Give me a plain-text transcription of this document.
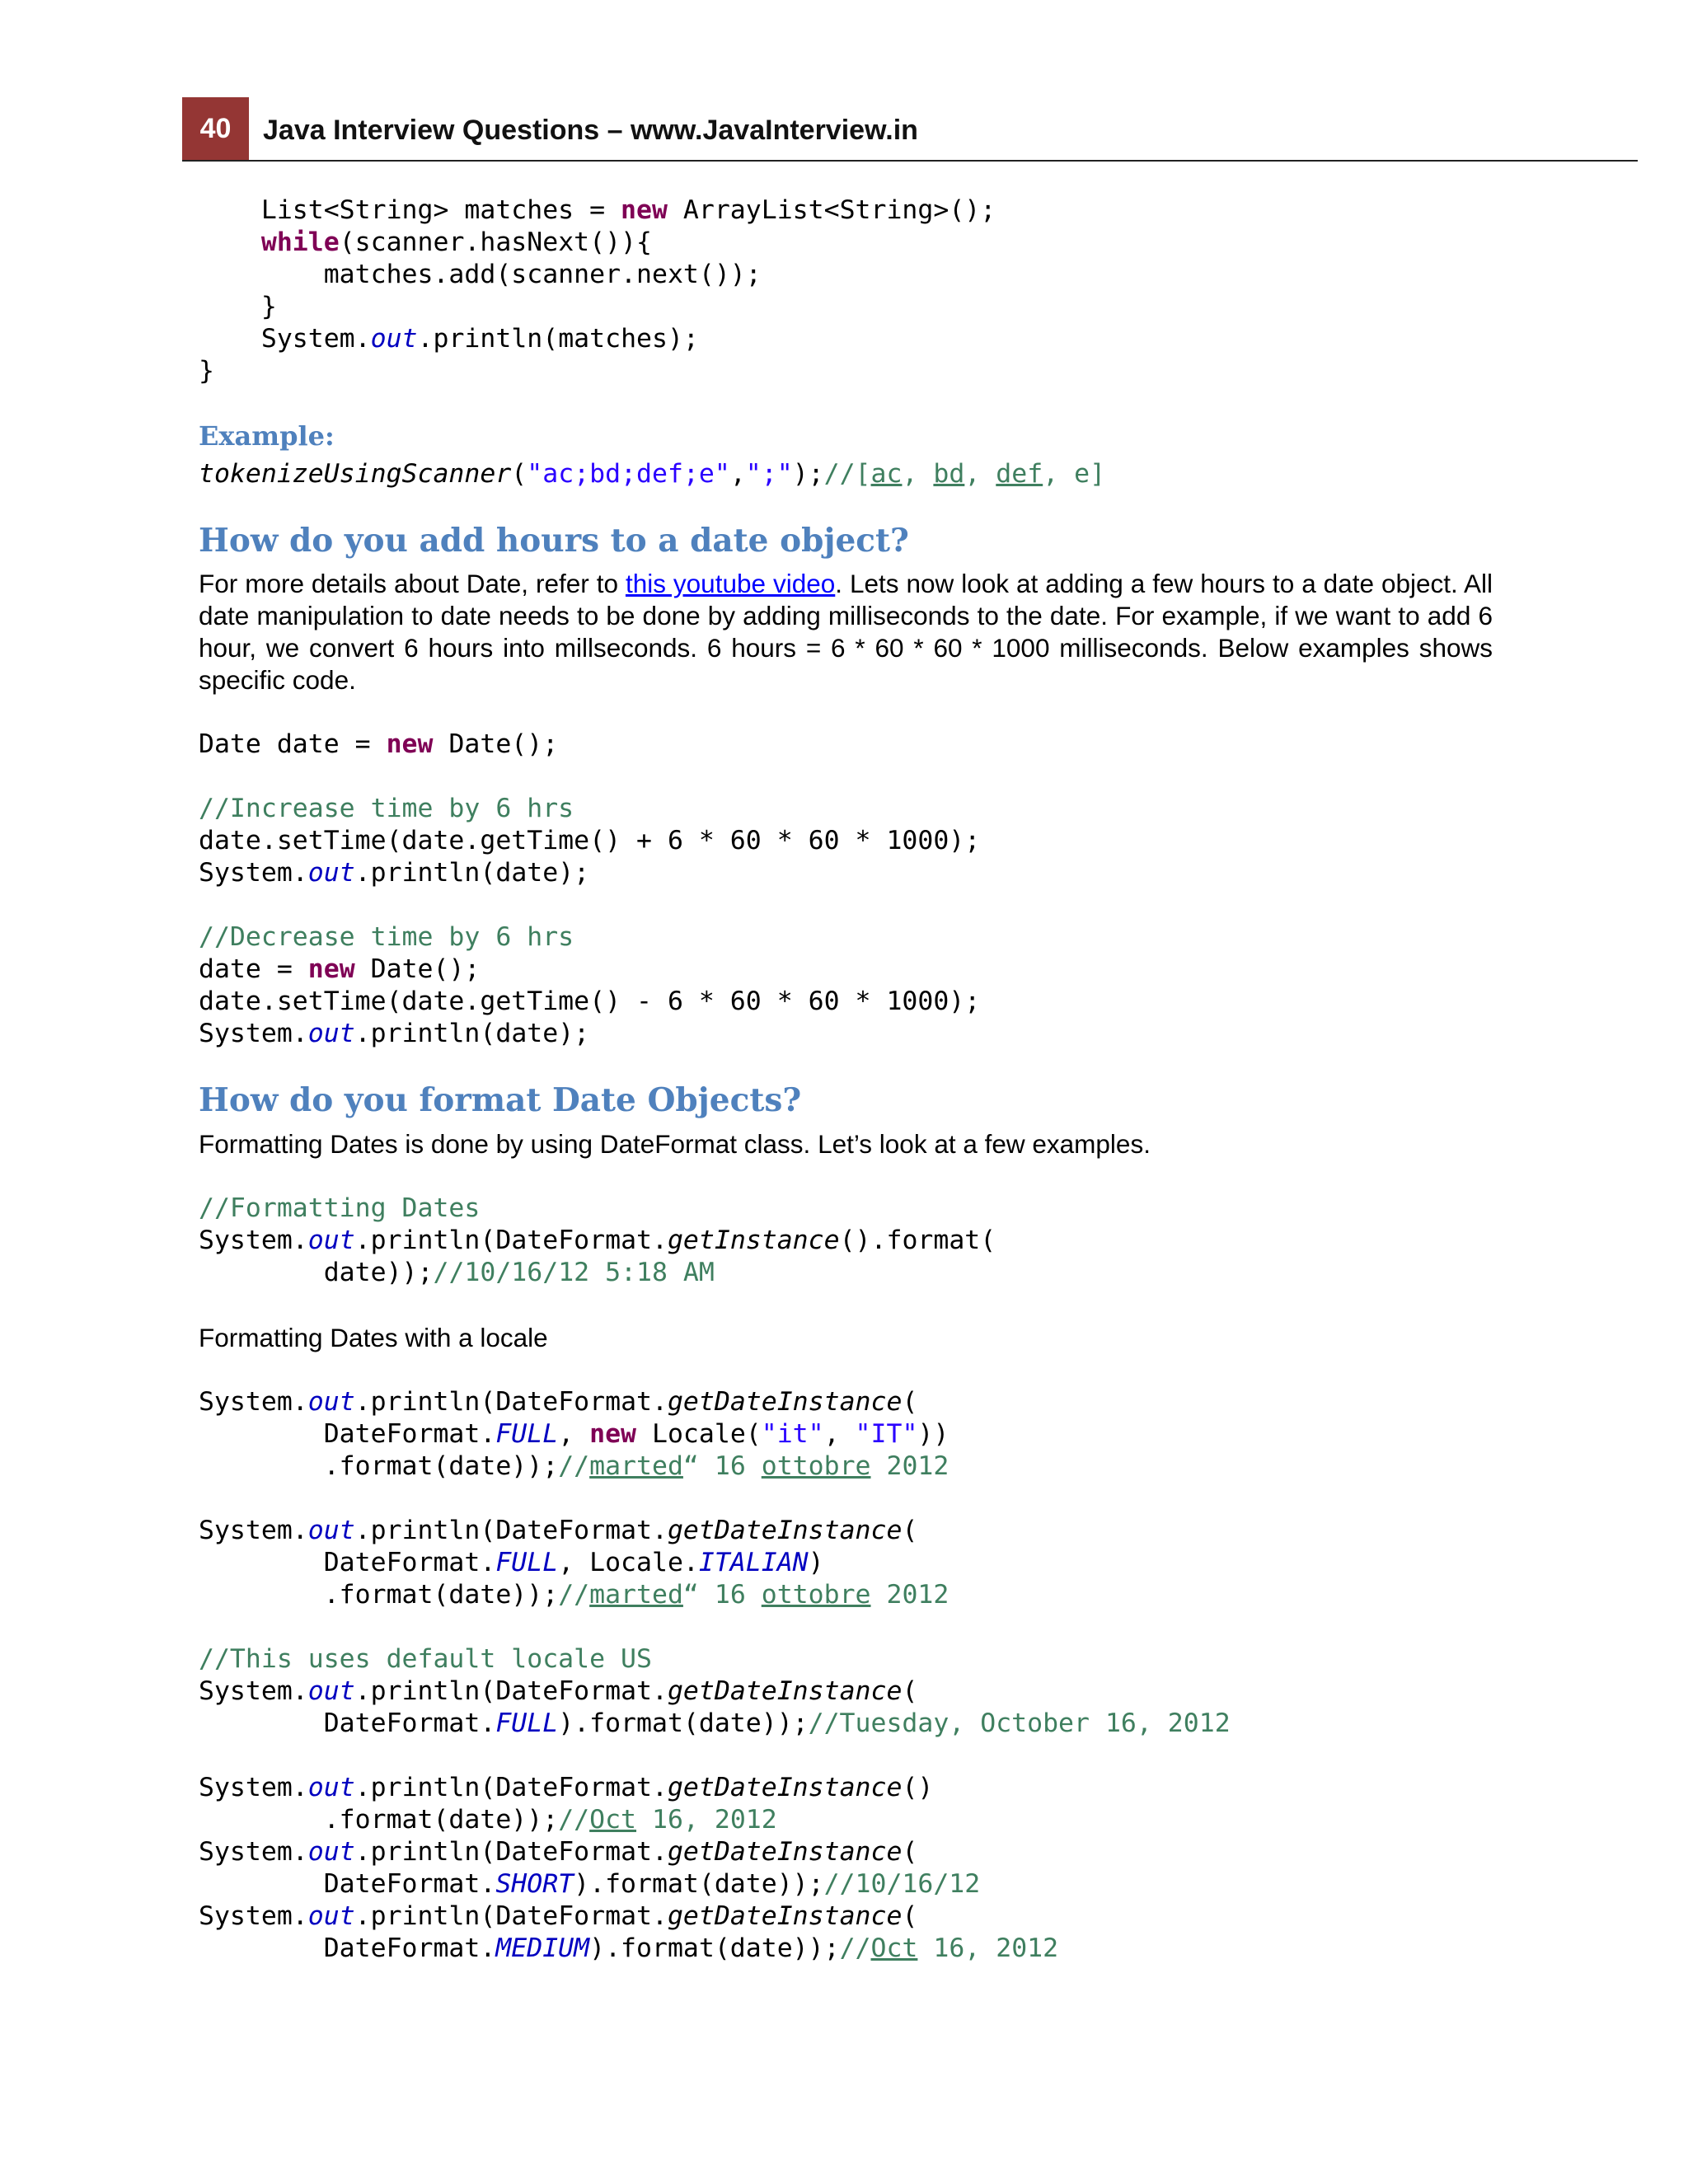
40	Java Interview Questions – www.JavaInterview.in
List<String> matches = new ArrayList<String>();
while(scanner.hasNext()){
matches.add(scanner.next());
}
System.out.println(matches);
}
Example:
tokenizeUsingScanner("ac;bd;def;e",";");//[ac, bd, def, e]
How do you add hours to a date object?

For more details about Date, refer to this youtube video. Lets now look at adding a few hours to a date object. All date manipulation to date needs to be done by adding milliseconds to the date. For example, if we want to add 6 hour, we convert 6 hours into millseconds. 6 hours = 6 * 60 * 60 * 1000 milliseconds. Below examples shows specific code.

Date date = new Date();

//Increase time by 6 hrs
date.setTime(date.getTime() + 6 * 60 * 60 * 1000);
System.out.println(date);

//Decrease time by 6 hrs
date = new Date();
date.setTime(date.getTime() - 6 * 60 * 60 * 1000);
System.out.println(date);
How do you format Date Objects?

Formatting Dates is done by using DateFormat class. Let’s look at a few examples.

//Formatting Dates
System.out.println(DateFormat.getInstance().format(
date));//10/16/12 5:18 AM

Formatting Dates with a locale

System.out.println(DateFormat.getDateInstance(
DateFormat.FULL, new Locale("it", "IT"))
.format(date));//marted“ 16 ottobre 2012

System.out.println(DateFormat.getDateInstance(
DateFormat.FULL, Locale.ITALIAN)
.format(date));//marted“ 16 ottobre 2012

//This uses default locale US
System.out.println(DateFormat.getDateInstance(
DateFormat.FULL).format(date));//Tuesday, October 16, 2012

System.out.println(DateFormat.getDateInstance()
.format(date));//Oct 16, 2012
System.out.println(DateFormat.getDateInstance(
DateFormat.SHORT).format(date));//10/16/12
System.out.println(DateFormat.getDateInstance(
DateFormat.MEDIUM).format(date));//Oct 16, 2012
